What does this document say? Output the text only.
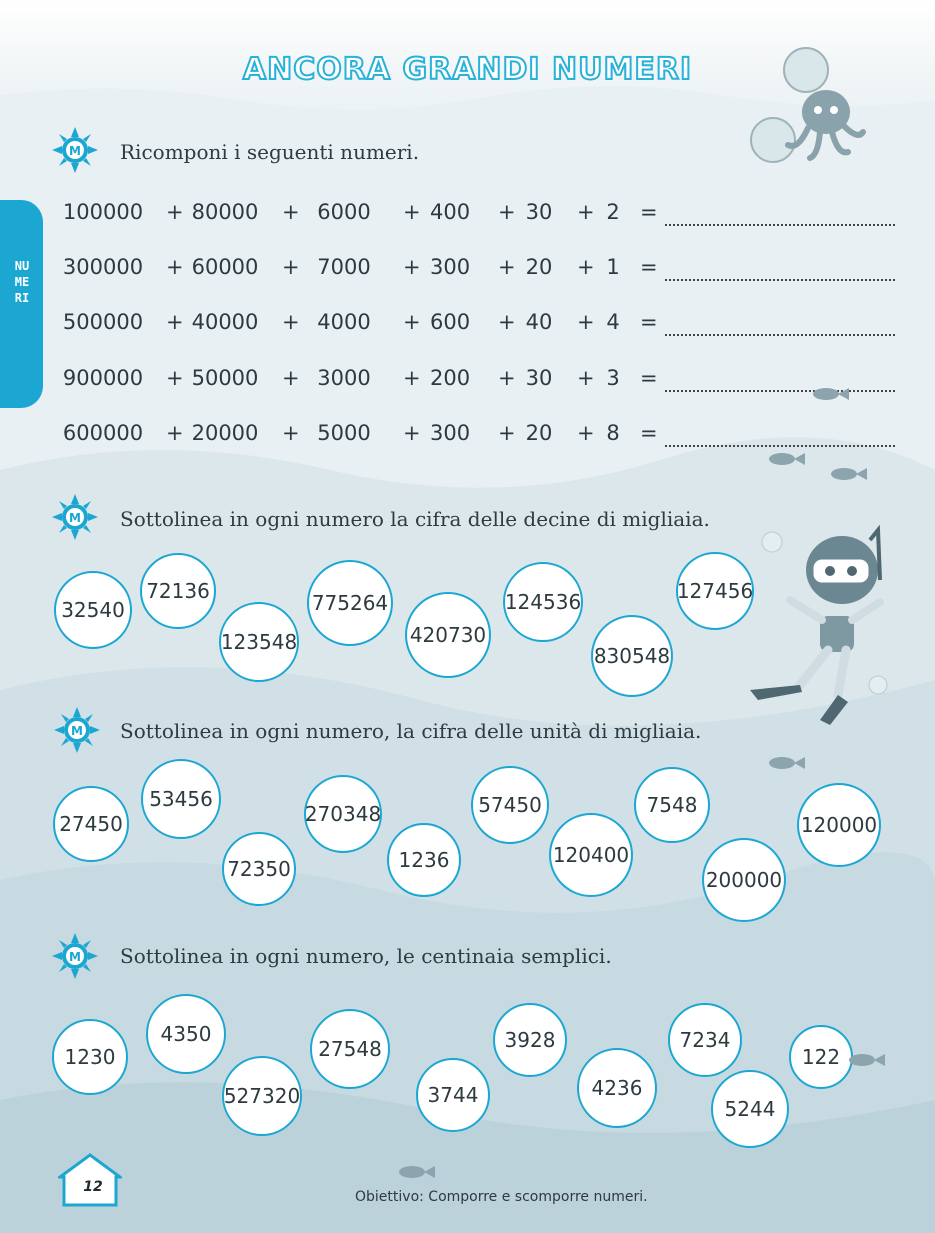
ANCORA GRANDI NUMERI
NUMERI
M Ricomponi i seguenti numeri.
100000 + 80000 + 6000 + 400 + 30 + 2 =
300000 + 60000 + 7000 + 300 + 20 + 1 =
500000 + 40000 + 4000 + 600 + 40 + 4 =
900000 + 50000 + 3000 + 200 + 30 + 3 =
600000 + 20000 + 5000 + 300 + 20 + 8 =
M Sottolinea in ogni numero la cifra delle decine di migliaia.
32540
72136
123548
775264
420730
124536
830548
127456
M Sottolinea in ogni numero, la cifra delle unità di migliaia.
27450
53456
72350
270348
1236
57450
120400
7548
200000
120000
M Sottolinea in ogni numero, le centinaia semplici.
1230
4350
527320
27548
3744
3928
4236
7234
5244
122
12
Obiettivo: Comporre e scomporre numeri.
